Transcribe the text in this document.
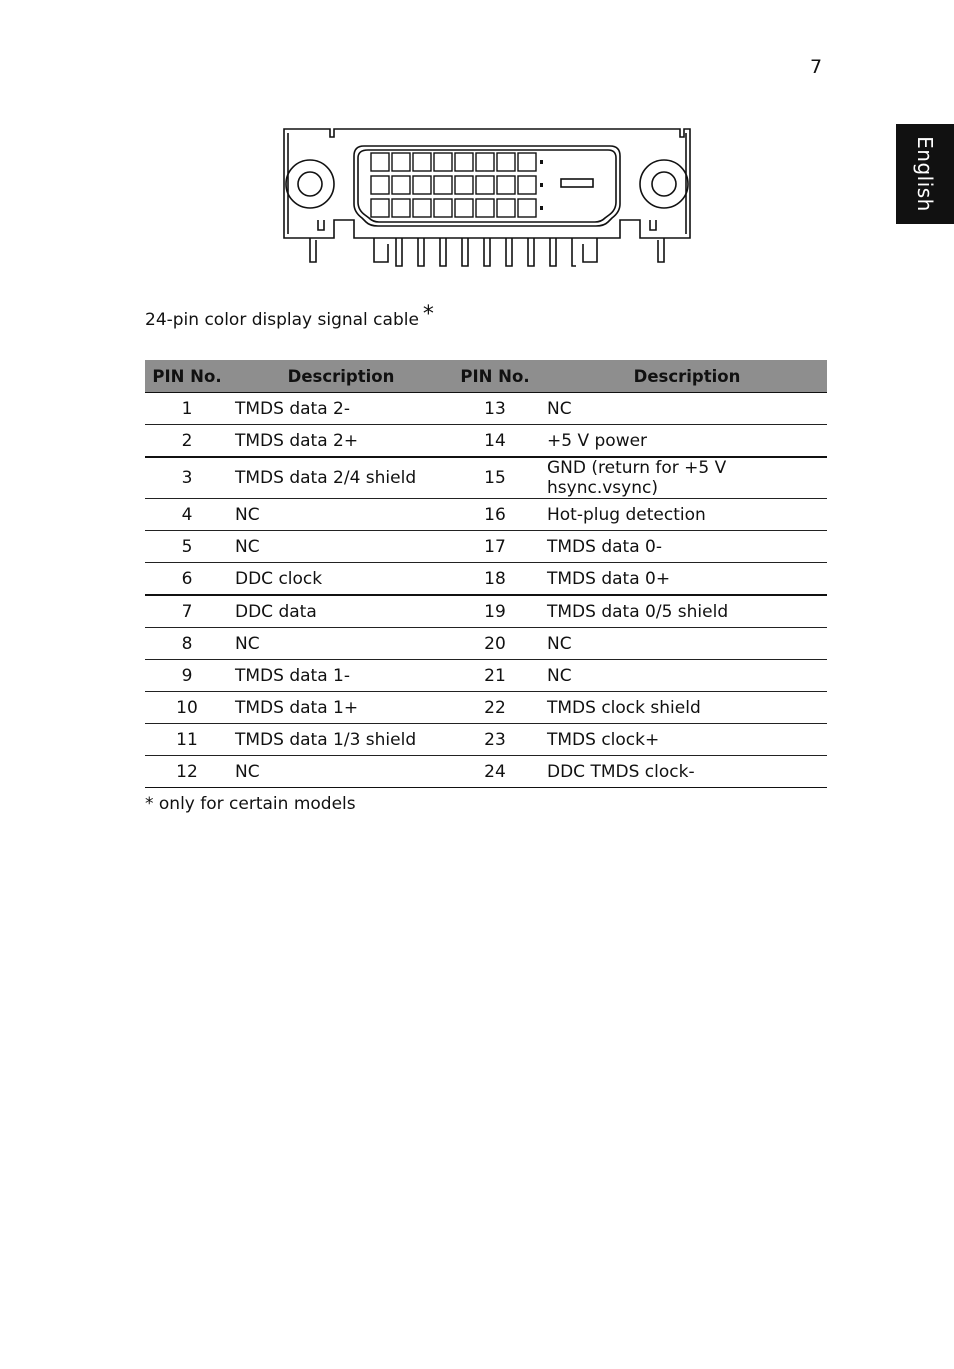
7
English
24-pin color display signal cable *
PIN No.	Description	PIN No.	Description
1	TMDS data 2-	13	NC
2	TMDS data 2+	14	+5 V power
3	TMDS data 2/4 shield	15	GND (return for +5 V hsync.vsync)
4	NC	16	Hot-plug detection
5	NC	17	TMDS data 0-
6	DDC clock	18	TMDS data 0+
7	DDC data	19	TMDS data 0/5 shield
8	NC	20	NC
9	TMDS data 1-	21	NC
10	TMDS data 1+	22	TMDS clock shield
11	TMDS data 1/3 shield	23	TMDS clock+
12	NC	24	DDC TMDS clock-
* only for certain models
